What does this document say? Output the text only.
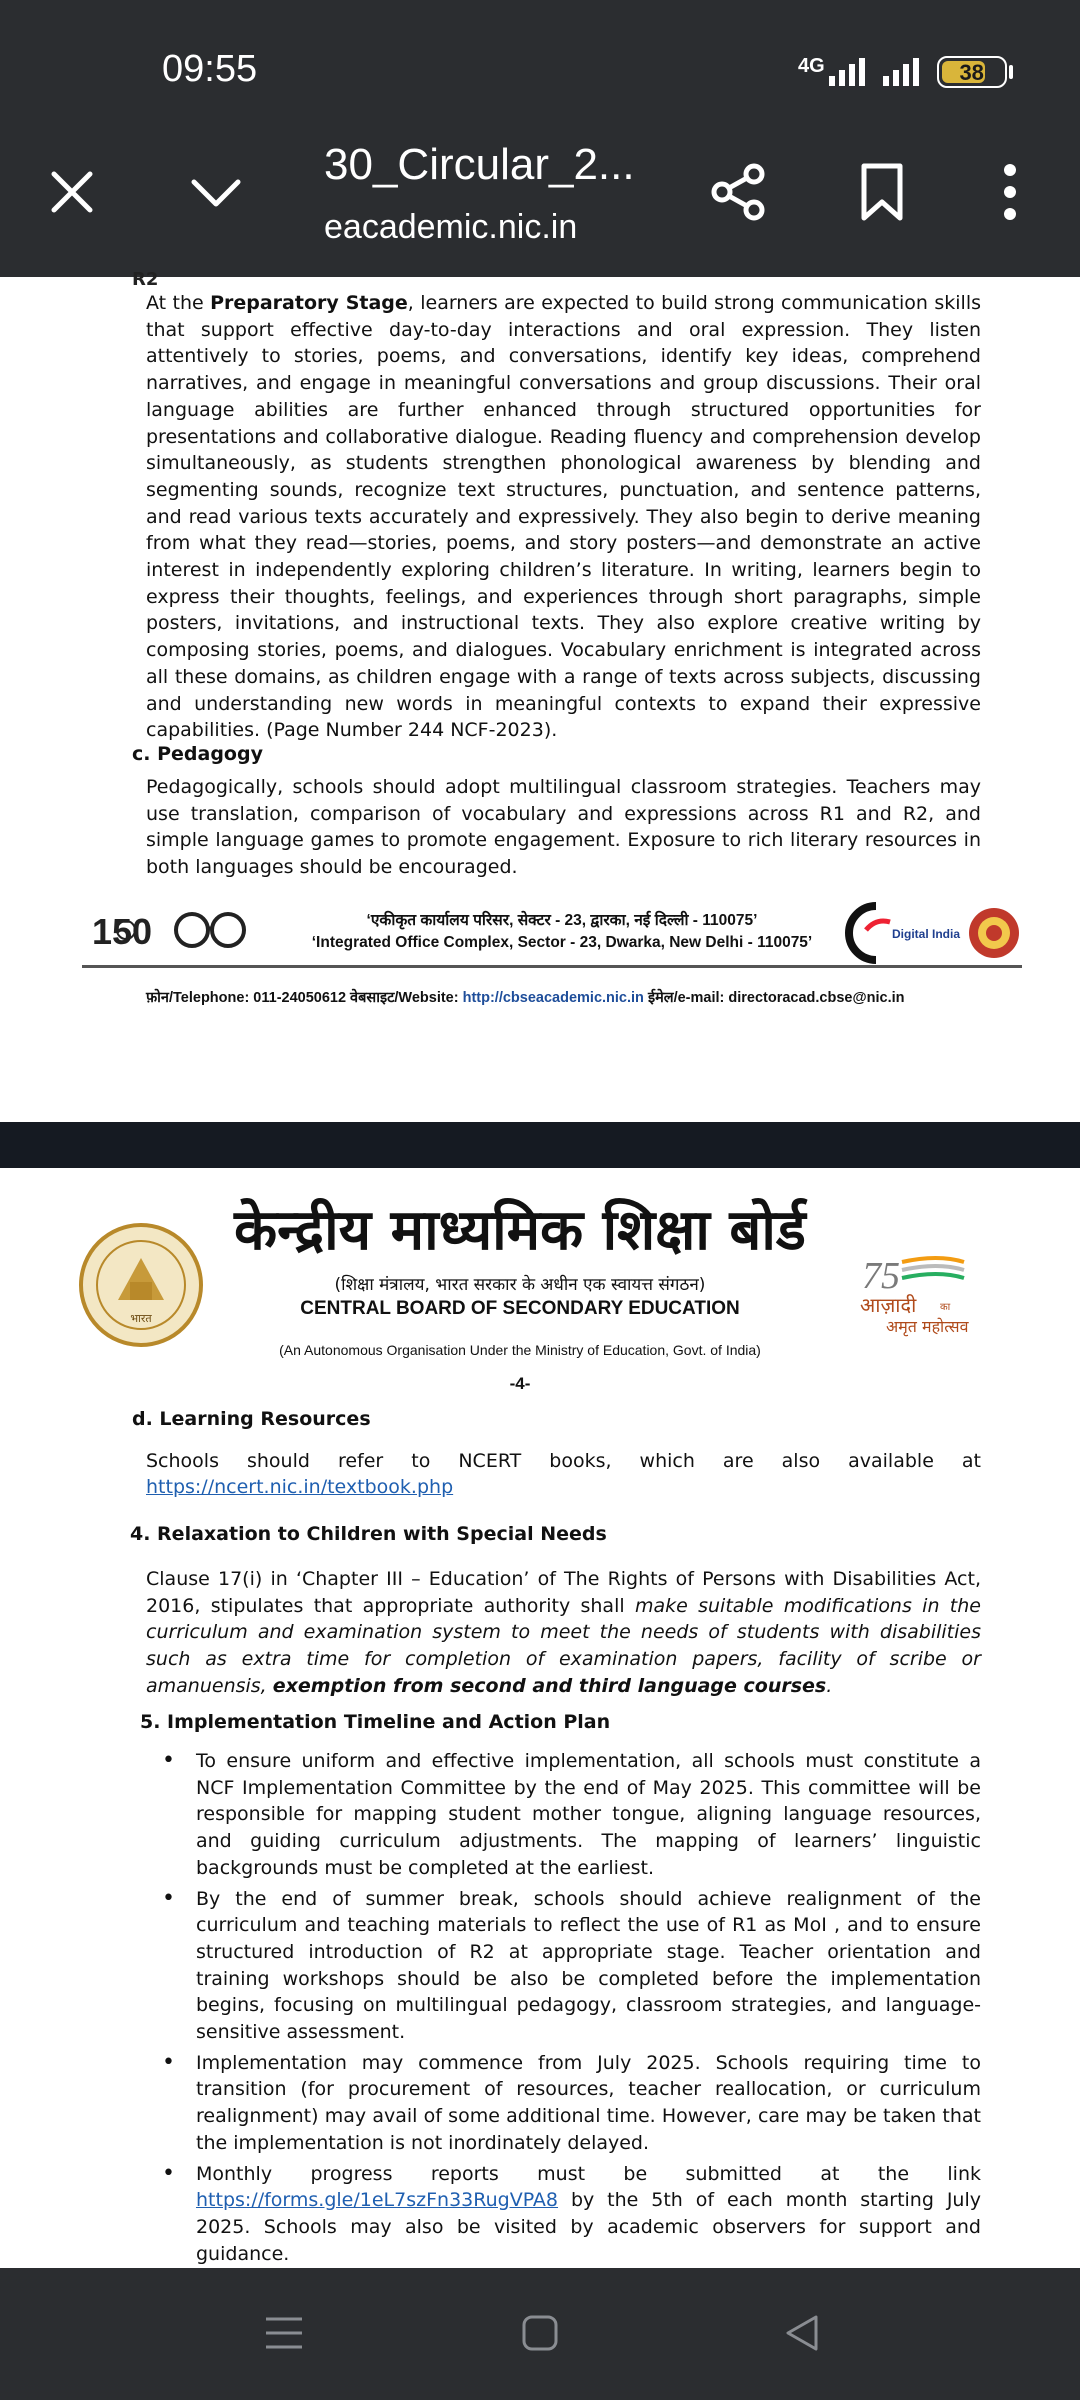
09:55	4G	38
30_Circular_2...
eacademic.nic.in
R2

At the Preparatory Stage, learners are expected to build strong communication skills that support effective day-to-day interactions and oral expression. They listen attentively to stories, poems, and conversations, identify key ideas, comprehend narratives, and engage in meaningful conversations and group discussions. Their oral language abilities are further enhanced through structured opportunities for presentations and collaborative dialogue. Reading fluency and comprehension develop simultaneously, as students strengthen phonological awareness by blending and segmenting sounds, recognize text structures, punctuation, and sentence patterns, and read various texts accurately and expressively. They also begin to derive meaning from what they read—stories, poems, and story posters—and demonstrate an active interest in independently exploring children’s literature. In writing, learners begin to express their thoughts, feelings, and experiences through short paragraphs, simple posters, invitations, and instructional texts. They also explore creative writing by composing stories, poems, and dialogues. Vocabulary enrichment is integrated across all these domains, as children engage with a range of texts across subjects, discussing and understanding new words in meaningful contexts to expand their expressive capabilities. (Page Number 244 NCF-2023).

c. Pedagogy

Pedagogically, schools should adopt multilingual classroom strategies. Teachers may use translation, comparison of vocabulary and expressions across R1 and R2, and simple language games to promote engagement. Exposure to rich literary resources in both languages should be encouraged.

150	‘एकीकृत कार्यालय परिसर, सेक्टर - 23, द्वारका, नई दिल्ली - 110075’
‘Integrated Office Complex, Sector - 23, Dwarka, New Delhi - 110075’	Digital India
फ़ोन/Telephone: 011-24050612 वेबसाइट/Website: http://cbseacademic.nic.in ईमेल/e-mail: directoracad.cbse@nic.in
भारत
केन्द्रीय माध्यमिक शिक्षा बोर्ड
(शिक्षा मंत्रालय, भारत सरकार के अधीन एक स्वायत्त संगठन)
CENTRAL BOARD OF SECONDARY EDUCATION
(An Autonomous Organisation Under the Ministry of Education, Govt. of India)
-4-
75
आज़ादी का
अमृत महोत्सव
d. Learning Resources

Schools should refer to NCERT books, which are also available at

https://ncert.nic.in/textbook.php
4. Relaxation to Children with Special Needs

Clause 17(i) in ‘Chapter III – Education’ of The Rights of Persons with Disabilities Act, 2016, stipulates that appropriate authority shall make suitable modifications in the curriculum and examination system to meet the needs of students with disabilities such as extra time for completion of examination papers, facility of scribe or amanuensis, exemption from second and third language courses.

5. Implementation Timeline and Action Plan
• To ensure uniform and effective implementation, all schools must constitute a NCF Implementation Committee by the end of May 2025. This committee will be responsible for mapping student mother tongue, aligning language resources, and guiding curriculum adjustments. The mapping of learners’ linguistic backgrounds must be completed at the earliest.
• By the end of summer break, schools should achieve realignment of the curriculum and teaching materials to reflect the use of R1 as MoI , and to ensure structured introduction of R2 at appropriate stage. Teacher orientation and training workshops should be also be completed before the implementation begins, focusing on multilingual pedagogy, classroom strategies, and language-sensitive assessment.
• Implementation may commence from July 2025. Schools requiring time to transition (for procurement of resources, teacher reallocation, or curriculum realignment) may avail of some additional time. However, care may be taken that the implementation is not inordinately delayed.
• Monthly progress reports must be submitted at the link https://forms.gle/1eL7szFn33RugVPA8 by the 5th of each month starting July 2025. Schools may also be visited by academic observers for support and guidance.
